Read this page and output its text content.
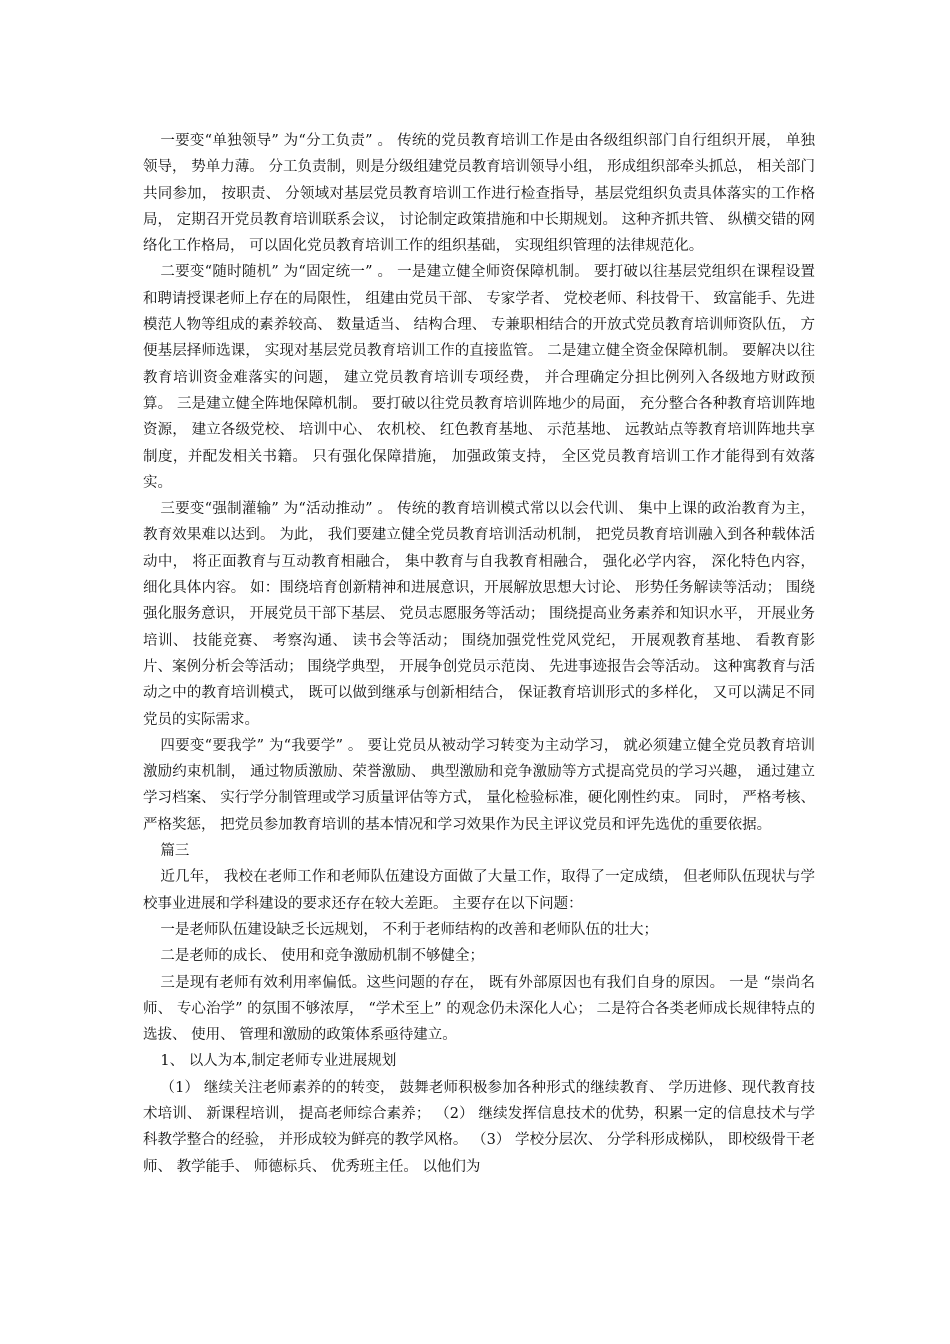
一要变“单独领导” 为“分工负责” 。 传统的党员教育培训工作是由各级组织部门自行组织开展， 单独领导， 势单力薄。 分工负责制，则是分级组建党员教育培训领导小组， 形成组织部牵头抓总， 相关部门共同参加， 按职责、 分领域对基层党员教育培训工作进行检查指导，基层党组织负责具体落实的工作格局， 定期召开党员教育培训联系会议， 讨论制定政策措施和中长期规划。 这种齐抓共管、 纵横交错的网络化工作格局， 可以固化党员教育培训工作的组织基础， 实现组织管理的法律规范化。

二要变“随时随机” 为“固定统一” 。 一是建立健全师资保障机制。 要打破以往基层党组织在课程设置和聘请授课老师上存在的局限性， 组建由党员干部、 专家学者、 党校老师、科技骨干、 致富能手、先进模范人物等组成的素养较高、 数量适当、 结构合理、 专兼职相结合的开放式党员教育培训师资队伍， 方便基层择师选课， 实现对基层党员教育培训工作的直接监管。 二是建立健全资金保障机制。 要解决以往教育培训资金难落实的问题， 建立党员教育培训专项经费， 并合理确定分担比例列入各级地方财政预算。 三是建立健全阵地保障机制。 要打破以往党员教育培训阵地少的局面， 充分整合各种教育培训阵地资源， 建立各级党校、 培训中心、 农机校、 红色教育基地、 示范基地、 远教站点等教育培训阵地共享制度，并配发相关书籍。 只有强化保障措施， 加强政策支持， 全区党员教育培训工作才能得到有效落实。

三要变“强制灌输” 为“活动推动” 。 传统的教育培训模式常以以会代训、 集中上课的政治教育为主， 教育效果难以达到。 为此， 我们要建立健全党员教育培训活动机制， 把党员教育培训融入到各种载体活动中， 将正面教育与互动教育相融合， 集中教育与自我教育相融合， 强化必学内容， 深化特色内容， 细化具体内容。 如：围绕培育创新精神和进展意识，开展解放思想大讨论、 形势任务解读等活动； 围绕强化服务意识， 开展党员干部下基层、 党员志愿服务等活动； 围绕提高业务素养和知识水平， 开展业务培训、 技能竞赛、 考察沟通、 读书会等活动； 围绕加强党性党风党纪， 开展观教育基地、 看教育影片、案例分析会等活动； 围绕学典型， 开展争创党员示范岗、 先进事迹报告会等活动。 这种寓教育与活动之中的教育培训模式， 既可以做到继承与创新相结合， 保证教育培训形式的多样化， 又可以满足不同党员的实际需求。

四要变“要我学” 为“我要学” 。 要让党员从被动学习转变为主动学习， 就必须建立健全党员教育培训激励约束机制， 通过物质激励、荣誉激励、 典型激励和竞争激励等方式提高党员的学习兴趣， 通过建立学习档案、 实行学分制管理或学习质量评估等方式， 量化检验标准，硬化刚性约束。 同时， 严格考核、 严格奖惩， 把党员参加教育培训的基本情况和学习效果作为民主评议党员和评先选优的重要依据。

篇三

近几年， 我校在老师工作和老师队伍建设方面做了大量工作，取得了一定成绩， 但老师队伍现状与学校事业进展和学科建设的要求还存在较大差距。 主要存在以下问题：

一是老师队伍建设缺乏长远规划， 不利于老师结构的改善和老师队伍的壮大；

二是老师的成长、 使用和竞争激励机制不够健全；

三是现有老师有效利用率偏低。这些问题的存在， 既有外部原因也有我们自身的原因。 一是 “崇尚名师、 专心治学” 的氛围不够浓厚， “学术至上” 的观念仍未深化人心； 二是符合各类老师成长规律特点的选拔、 使用、 管理和激励的政策体系亟待建立。

1、 以人为本,制定老师专业进展规划

（1） 继续关注老师素养的的转变， 鼓舞老师积极参加各种形式的继续教育、 学历进修、现代教育技术培训、 新课程培训， 提高老师综合素养； （2） 继续发挥信息技术的优势，积累一定的信息技术与学科教学整合的经验， 并形成较为鲜亮的教学风格。 （3） 学校分层次、 分学科形成梯队， 即校级骨干老师、 教学能手、 师德标兵、 优秀班主任。 以他们为
